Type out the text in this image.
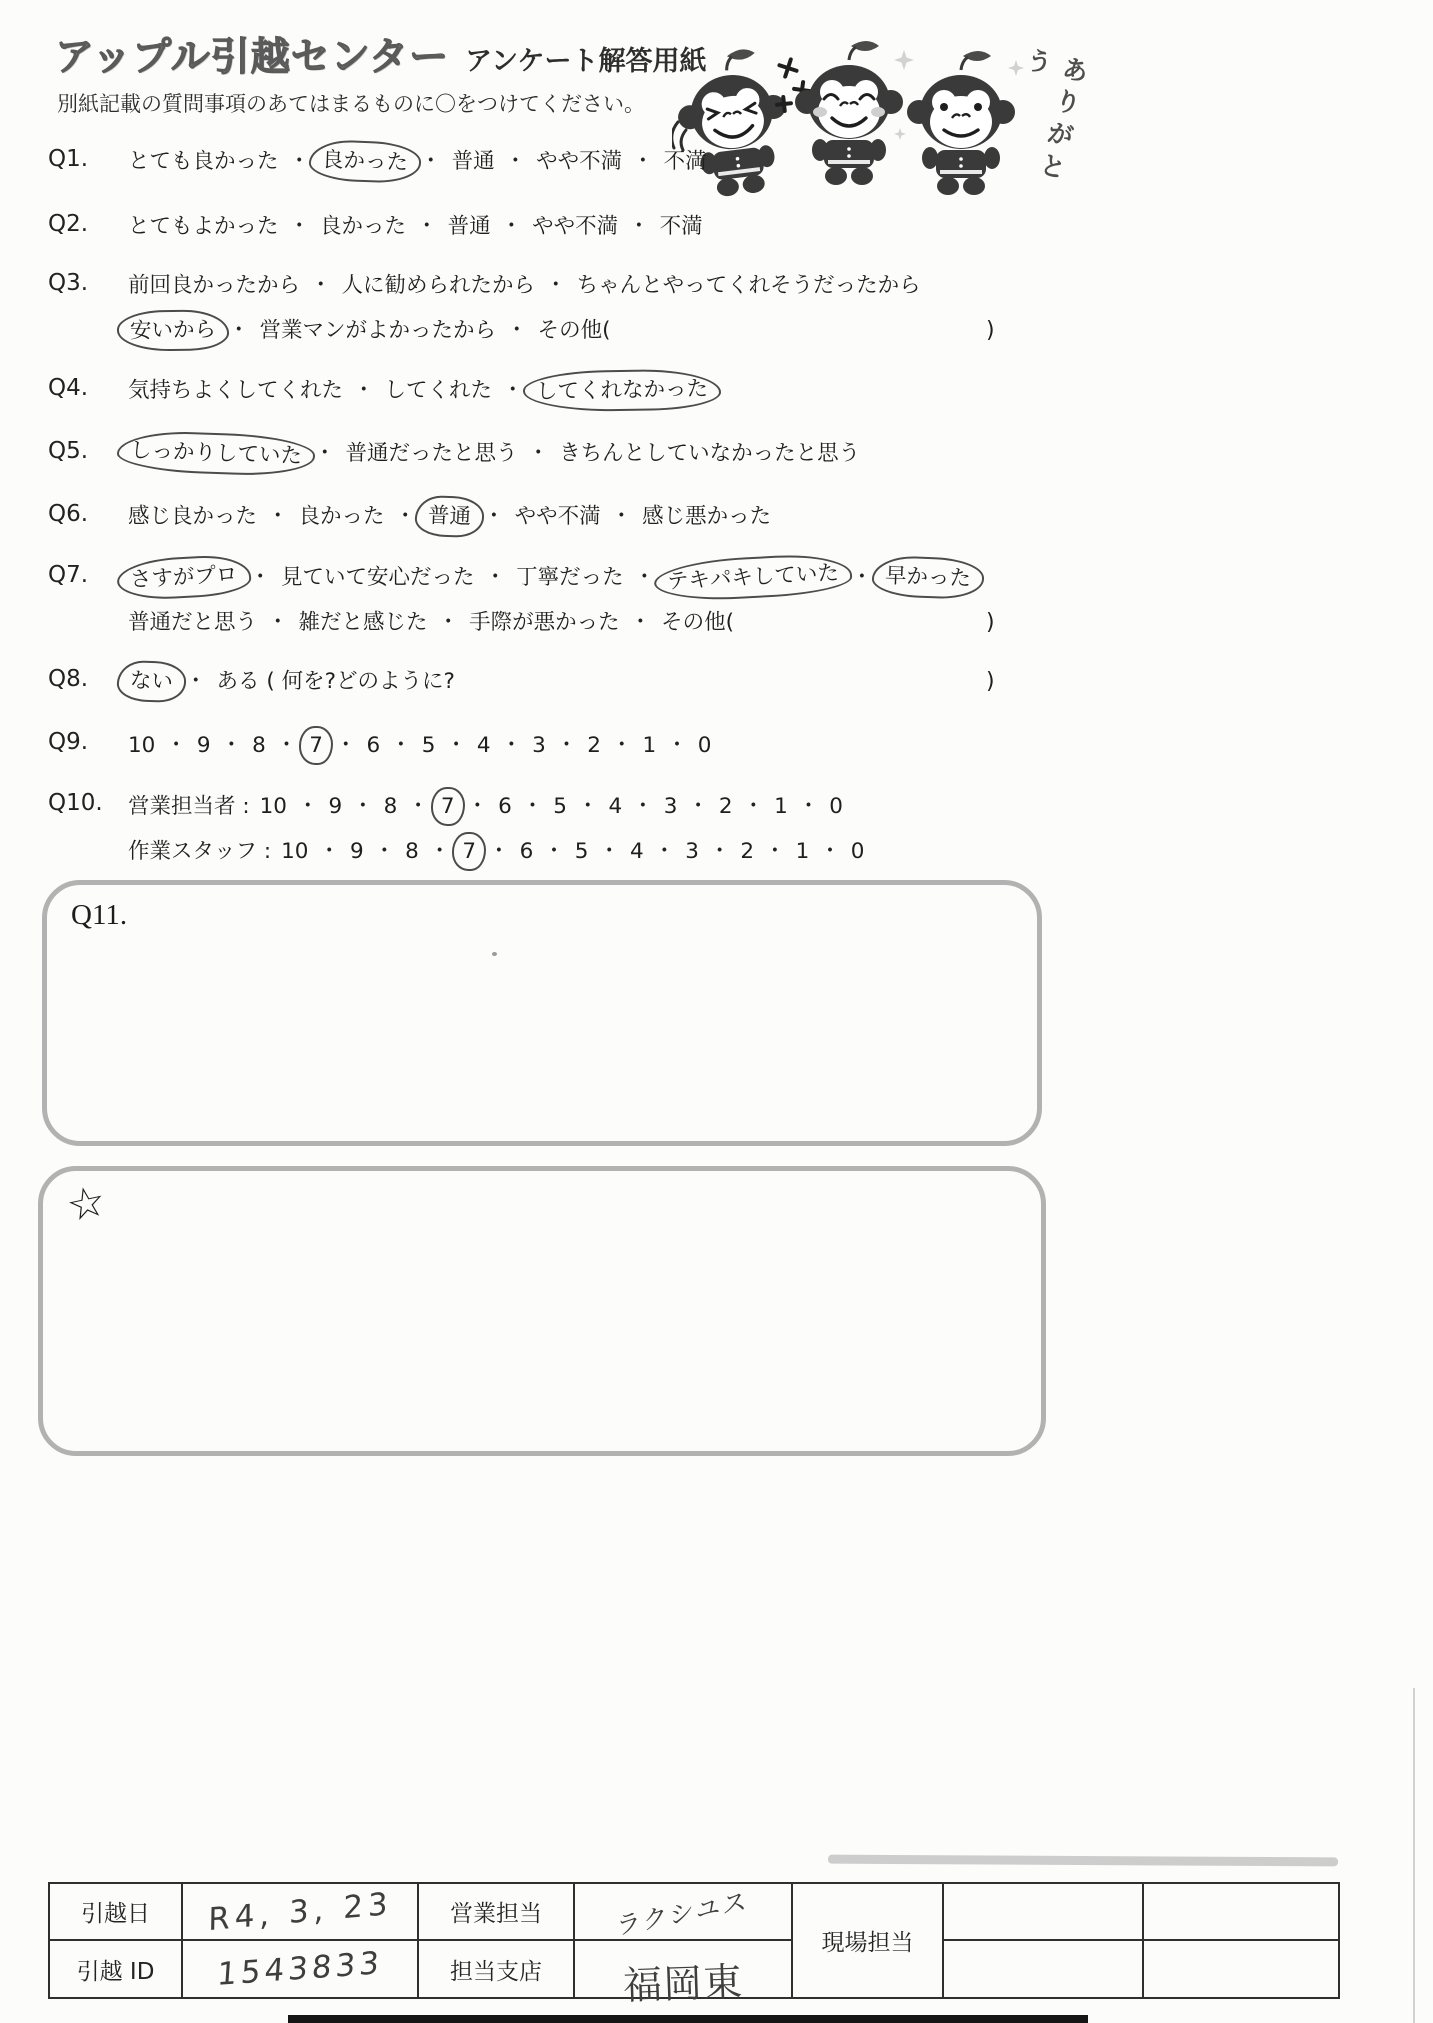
アップル引越センター アンケート解答用紙
別紙記載の質問事項のあてはまるものに〇をつけてください。	ありがとう
Q1.	とても良かった ・ 良かった ・ 普通 ・ やや不満 ・ 不満
Q2.	とてもよかった ・ 良かった ・ 普通 ・ やや不満 ・ 不満
Q3.	前回良かったから ・ 人に勧められたから ・ ちゃんとやってくれそうだったから
安いから ・ 営業マンがよかったから ・ その他(	)
Q4.	気持ちよくしてくれた ・ してくれた ・ してくれなかった
Q5.	しっかりしていた ・ 普通だったと思う ・ きちんとしていなかったと思う
Q6.	感じ良かった ・ 良かった ・ 普通 ・ やや不満 ・ 感じ悪かった
Q7.	さすがプロ ・ 見ていて安心だった ・ 丁寧だった ・ テキパキしていた ・ 早かった
普通だと思う ・ 雑だと感じた ・ 手際が悪かった ・ その他(	)
Q8.	ない ・ ある ( 何を?どのように?	)
Q9.	10 ・ 9 ・ 8 ・ 7 ・ 6 ・ 5 ・ 4 ・ 3 ・ 2 ・ 1 ・ 0
Q10.	営業担当者 : 10 ・ 9 ・ 8 ・ 7 ・ 6 ・ 5 ・ 4 ・ 3 ・ 2 ・ 1 ・ 0
作業スタッフ : 10 ・ 9 ・ 8 ・ 7 ・ 6 ・ 5 ・ 4 ・ 3 ・ 2 ・ 1 ・ 0
Q11.
☆
引越日	R4, 3, 23	営業担当	ラクシユス	現場担当		
引越 ID	1543833	担当支店	福岡東			
